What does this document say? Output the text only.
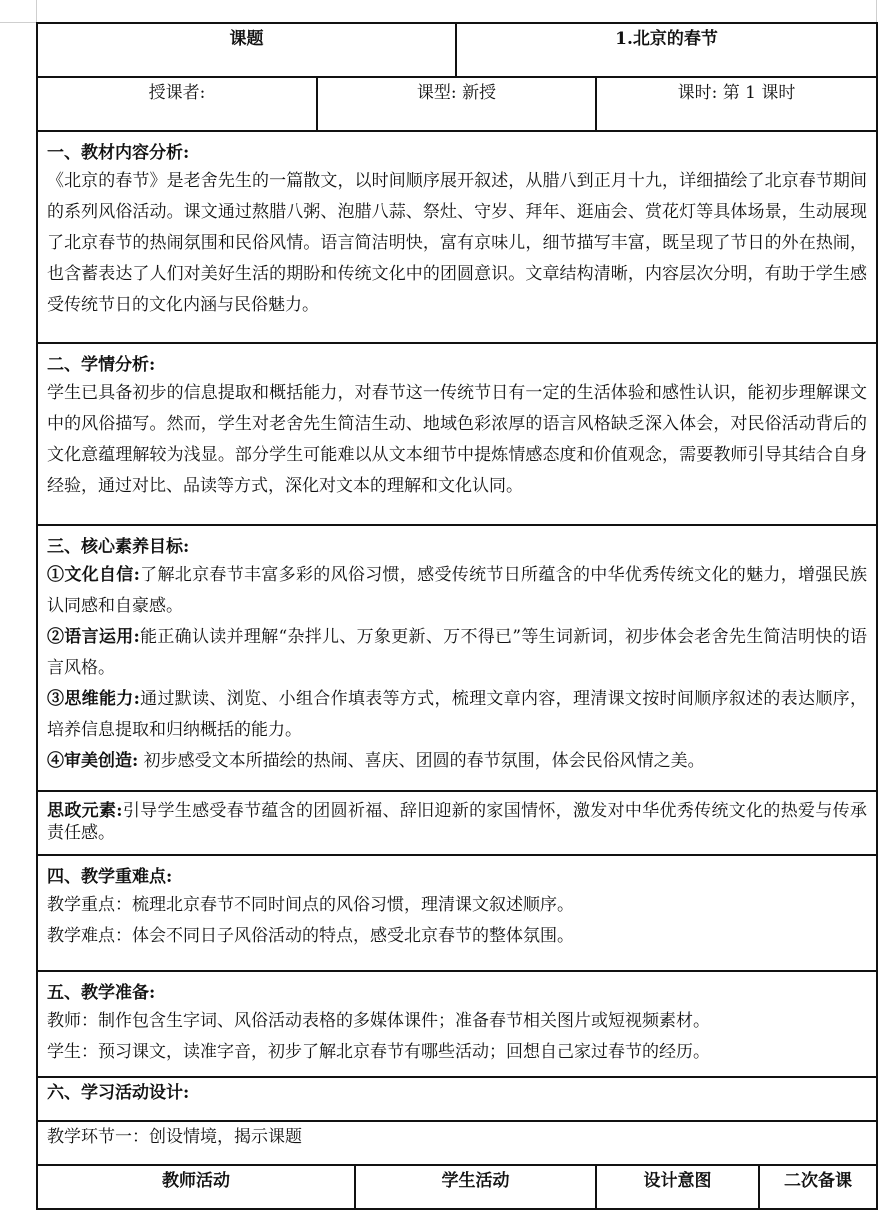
课题			1.北京的春节		
授课者:	课型: 新授			课时: 第 1 课时	

一、教材内容分析:
《北京的春节》是老舍先生的一篇散文，以时间顺序展开叙述，从腊八到正月十九，详细描绘了北京春节期间的系列风俗活动。课文通过熬腊八粥、泡腊八蒜、祭灶、守岁、拜年、逛庙会、赏花灯等具体场景，生动展现了北京春节的热闹氛围和民俗风情。语言简洁明快，富有京味儿，细节描写丰富，既呈现了节日的外在热闹，也含蓄表达了人们对美好生活的期盼和传统文化中的团圆意识。文章结构清晰，内容层次分明，有助于学生感受传统节日的文化内涵与民俗魅力。					

二、学情分析:
学生已具备初步的信息提取和概括能力，对春节这一传统节日有一定的生活体验和感性认识，能初步理解课文中的风俗描写。然而，学生对老舍先生简洁生动、地域色彩浓厚的语言风格缺乏深入体会，对民俗活动背后的文化意蕴理解较为浅显。部分学生可能难以从文本细节中提炼情感态度和价值观念，需要教师引导其结合自身经验，通过对比、品读等方式，深化对文本的理解和文化认同。					

三、核心素养目标:
①文化自信:了解北京春节丰富多彩的风俗习惯，感受传统节日所蕴含的中华优秀传统文化的魅力，增强民族认同感和自豪感。
②语言运用:能正确认读并理解“杂拌儿、万象更新、万不得已”等生词新词，初步体会老舍先生简洁明快的语言风格。
③思维能力:通过默读、浏览、小组合作填表等方式，梳理文章内容，理清课文按时间顺序叙述的表达顺序，培养信息提取和归纳概括的能力。
④审美创造: 初步感受文本所描绘的热闹、喜庆、团圆的春节氛围，体会民俗风情之美。					

思政元素:引导学生感受春节蕴含的团圆祈福、辞旧迎新的家国情怀，激发对中华优秀传统文化的热爱与传承责任感。					

四、教学重难点:
教学重点：梳理北京春节不同时间点的风俗习惯，理清课文叙述顺序。
教学难点：体会不同日子风俗活动的特点，感受北京春节的整体氛围。					

五、教学准备:
教师：制作包含生字词、风俗活动表格的多媒体课件；准备春节相关图片或短视频素材。
学生：预习课文，读准字音，初步了解北京春节有哪些活动；回想自己家过春节的经历。					

六、学习活动设计:					
教学环节一：创设情境，揭示课题					
教师活动		学生活动		设计意图	二次备课
